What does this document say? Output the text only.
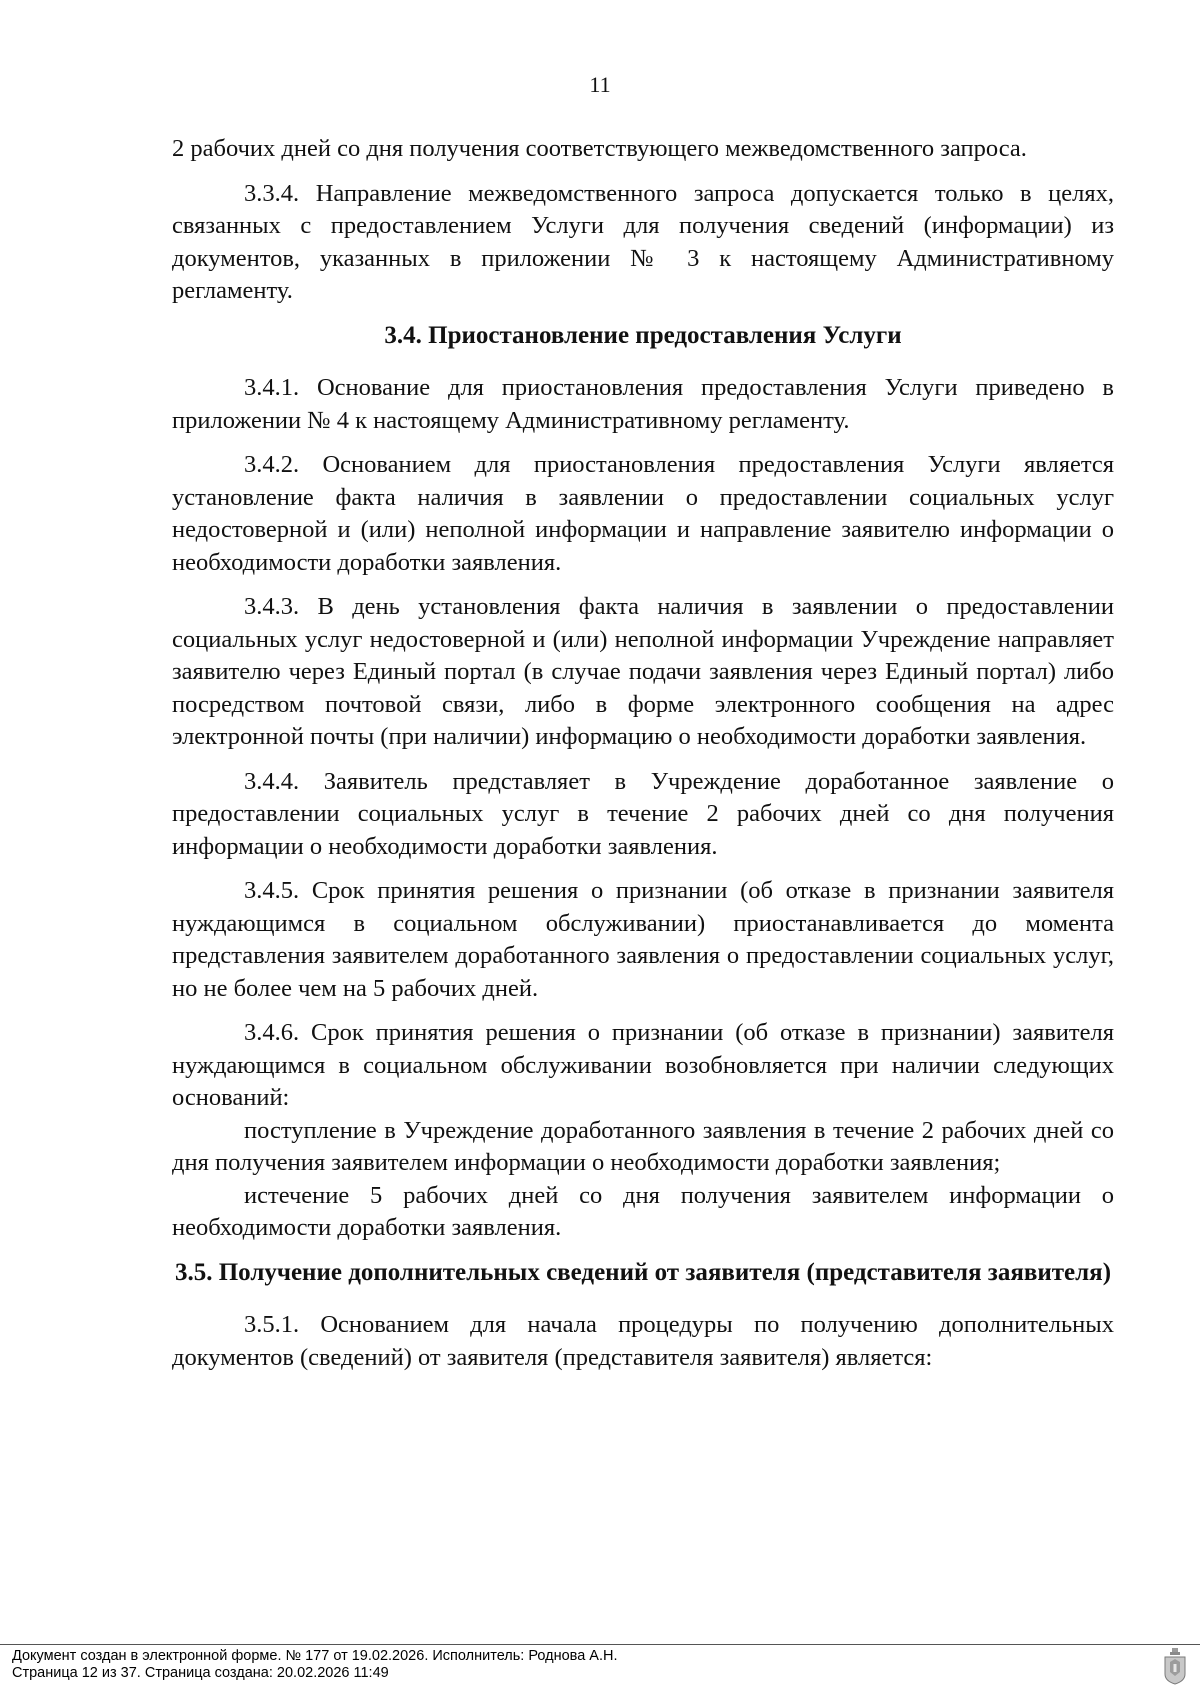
11
2 рабочих дней со дня получения соответствующего межведомственного запроса.
3.3.4. Направление межведомственного запроса допускается только в целях, связанных с предоставлением Услуги для получения сведений (информации) из документов, указанных в приложении № 3 к настоящему Административному регламенту.
3.4. Приостановление предоставления Услуги
3.4.1. Основание для приостановления предоставления Услуги приведено в приложении № 4 к настоящему Административному регламенту.
3.4.2. Основанием для приостановления предоставления Услуги является установление факта наличия в заявлении о предоставлении социальных услуг недостоверной и (или) неполной информации и направление заявителю информации о необходимости доработки заявления.
3.4.3. В день установления факта наличия в заявлении о предоставлении социальных услуг недостоверной и (или) неполной информации Учреждение направляет заявителю через Единый портал (в случае подачи заявления через Единый портал) либо посредством почтовой связи, либо в форме электронного сообщения на адрес электронной почты (при наличии) информацию о необходимости доработки заявления.
3.4.4. Заявитель представляет в Учреждение доработанное заявление о предоставлении социальных услуг в течение 2 рабочих дней со дня получения информации о необходимости доработки заявления.
3.4.5. Срок принятия решения о признании (об отказе в признании заявителя нуждающимся в социальном обслуживании) приостанавливается до момента представления заявителем доработанного заявления о предоставлении социальных услуг, но не более чем на 5 рабочих дней.
3.4.6. Срок принятия решения о признании (об отказе в признании) заявителя нуждающимся в социальном обслуживании возобновляется при наличии следующих оснований:
поступление в Учреждение доработанного заявления в течение 2 рабочих дней со дня получения заявителем информации о необходимости доработки заявления;
истечение 5 рабочих дней со дня получения заявителем информации о необходимости доработки заявления.
3.5. Получение дополнительных сведений от заявителя (представителя заявителя)
3.5.1. Основанием для начала процедуры по получению дополнительных документов (сведений) от заявителя (представителя заявителя) является:
Документ создан в электронной форме. № 177 от 19.02.2026. Исполнитель: Роднова А.Н.
Страница 12 из 37. Страница создана: 20.02.2026 11:49
